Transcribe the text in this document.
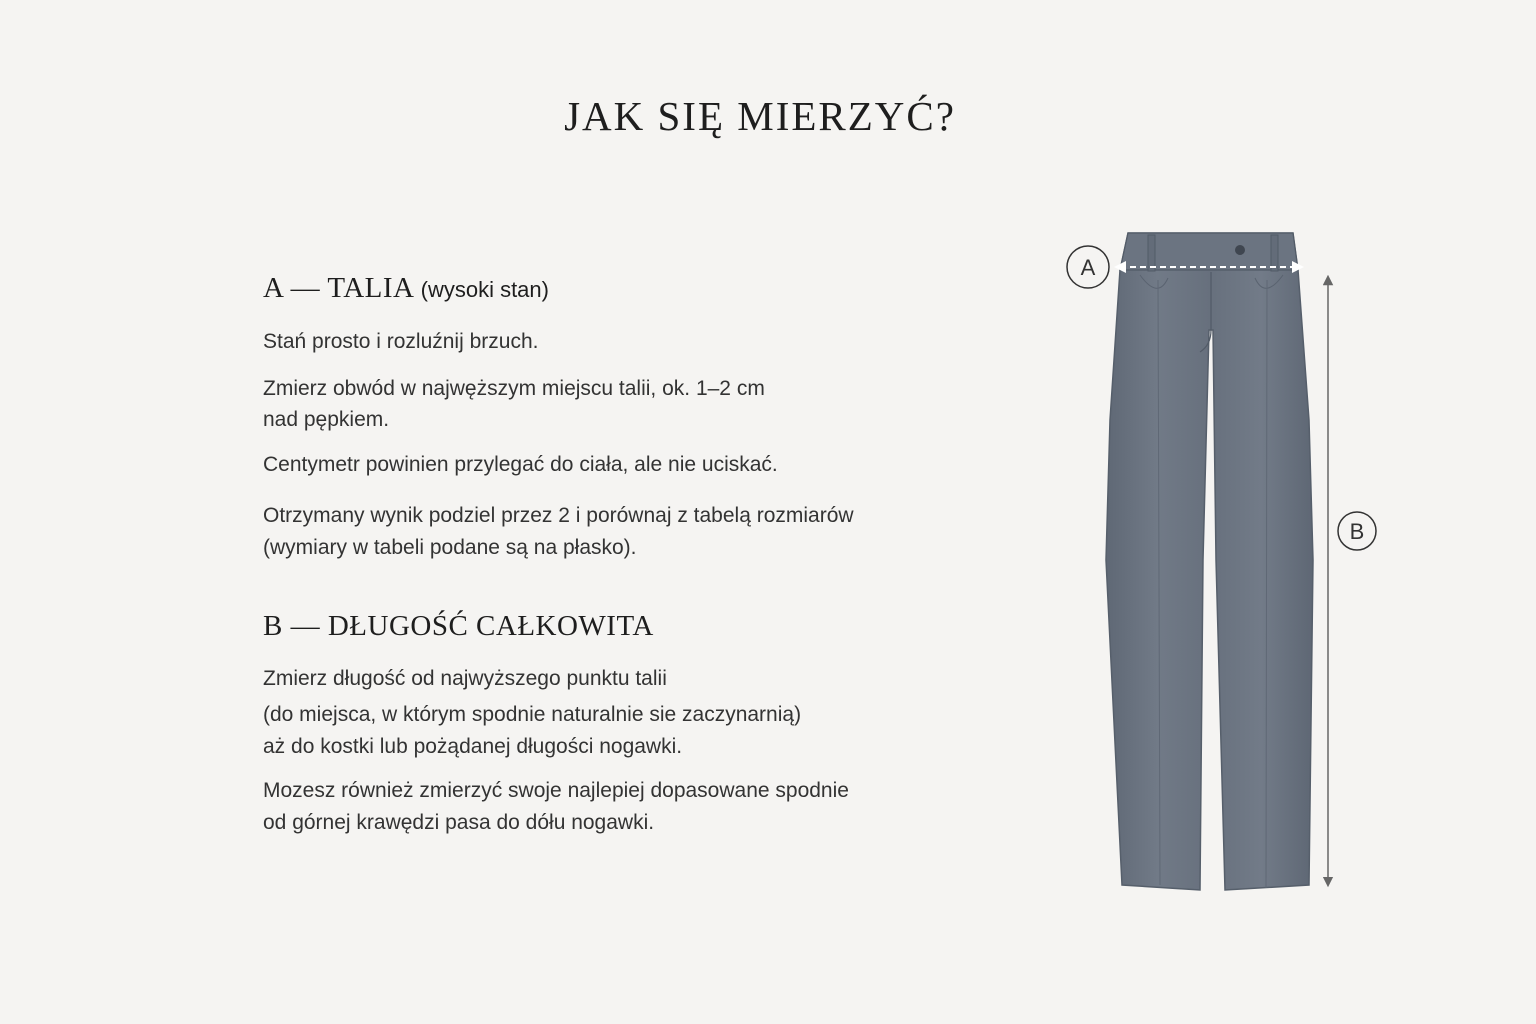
JAK SIĘ MIERZYĆ?
A — TALIA (wysoki stan)

Stań prosto i rozluźnij brzuch.

Zmierz obwód w najwęższym miejscu talii, ok. 1–2 cm

nad pępkiem.

Centymetr powinien przylegać do ciała, ale nie uciskać.

Otrzymany wynik podziel przez 2 i porównaj z tabelą rozmiarów

(wymiary w tabeli podane są na płasko).

B — DŁUGOŚĆ CAŁKOWITA

Zmierz długość od najwyższego punktu talii

(do miejsca, w którym spodnie naturalnie sie zaczynarnią)

aż do kostki lub pożądanej długości nogawki.

Mozesz również zmierzyć swoje najlepiej dopasowane spodnie

od górnej krawędzi pasa do dółu nogawki.

A
B
